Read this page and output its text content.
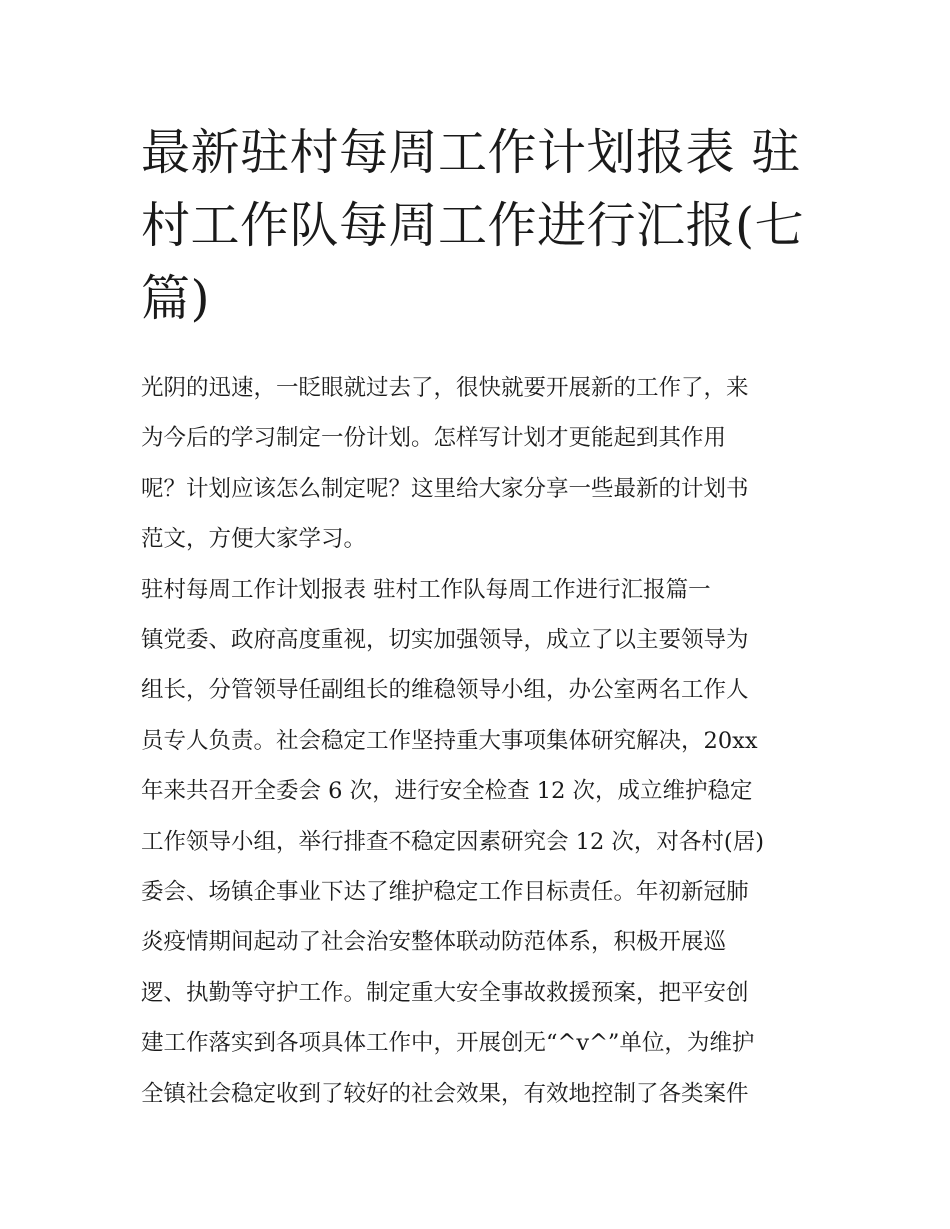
最新驻村每周工作计划报表 驻
村工作队每周工作进行汇报(七
篇)
光阴的迅速，一眨眼就过去了，很快就要开展新的工作了，来
为今后的学习制定一份计划。怎样写计划才更能起到其作用
呢？计划应该怎么制定呢？这里给大家分享一些最新的计划书
范文，方便大家学习。
驻村每周工作计划报表 驻村工作队每周工作进行汇报篇一
镇党委、政府高度重视，切实加强领导，成立了以主要领导为
组长，分管领导任副组长的维稳领导小组，办公室两名工作人
员专人负责。社会稳定工作坚持重大事项集体研究解决，20xx
年来共召开全委会 6 次，进行安全检查 12 次，成立维护稳定
工作领导小组，举行排查不稳定因素研究会 12 次，对各村(居)
委会、场镇企事业下达了维护稳定工作目标责任。年初新冠肺
炎疫情期间起动了社会治安整体联动防范体系，积极开展巡
逻、执勤等守护工作。制定重大安全事故救援预案，把平安创
建工作落实到各项具体工作中，开展创无“^v^”单位，为维护
全镇社会稳定收到了较好的社会效果，有效地控制了各类案件
